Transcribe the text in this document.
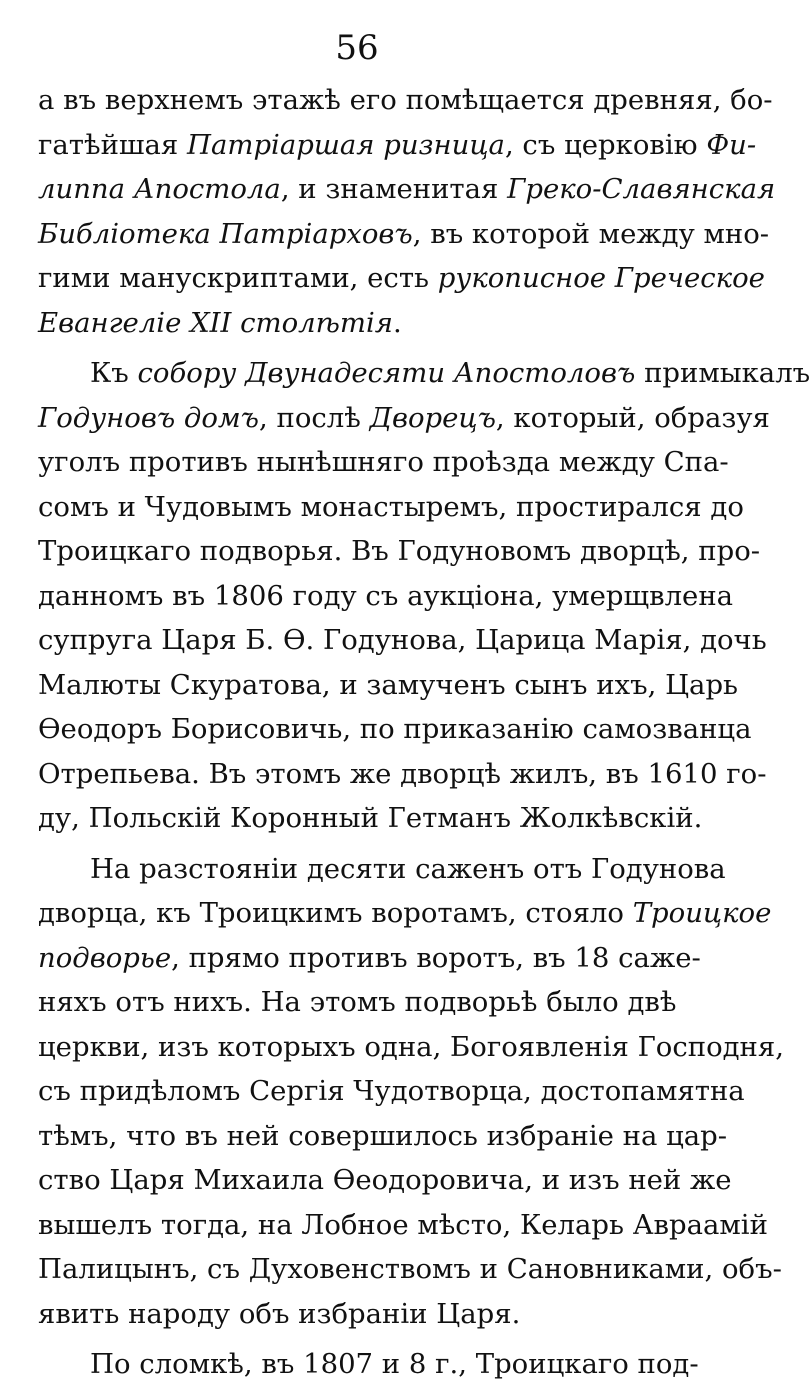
56
а въ верхнемъ этажѣ его помѣщается древняя, бо-
гатѣйшая Патріаршая ризница, съ церковію Фи-
липпа Апостола, и знаменитая Греко-Славянская
Библіотека Патріарховъ, въ которой между мно-
гими манускриптами, есть рукописное Греческое
Евангеліе XII столѣтія.
Къ собору Двунадесяти Апостоловъ примыкалъ
Годуновъ домъ, послѣ Дворецъ, который, образуя
уголъ противъ нынѣшняго проѣзда между Спа-
сомъ и Чудовымъ монастыремъ, простирался до
Троицкаго подворья. Въ Годуновомъ дворцѣ, про-
данномъ въ 1806 году съ аукціона, умерщвлена
супруга Царя Б. Ѳ. Годунова, Царица Марія, дочь
Малюты Скуратова, и замученъ сынъ ихъ, Царь
Ѳеодоръ Борисовичь, по приказанію самозванца
Отрепьева. Въ этомъ же дворцѣ жилъ, въ 1610 го-
ду, Польскій Коронный Гетманъ Жолкѣвскій.
На разстояніи десяти саженъ отъ Годунова
дворца, къ Троицкимъ воротамъ, стояло Троицкое
подворье, прямо противъ воротъ, въ 18 саже-
няхъ отъ нихъ. На этомъ подворьѣ было двѣ
церкви, изъ которыхъ одна, Богоявленія Господня,
съ придѣломъ Сергія Чудотворца, достопамятна
тѣмъ, что въ ней совершилось избраніе на цар-
ство Царя Михаила Ѳеодоровича, и изъ ней же
вышелъ тогда, на Лобное мѣсто, Келарь Авраамій
Палицынъ, съ Духовенствомъ и Сановниками, объ-
явить народу объ избраніи Царя.
По сломкѣ, въ 1807 и 8 г., Троицкаго под-
